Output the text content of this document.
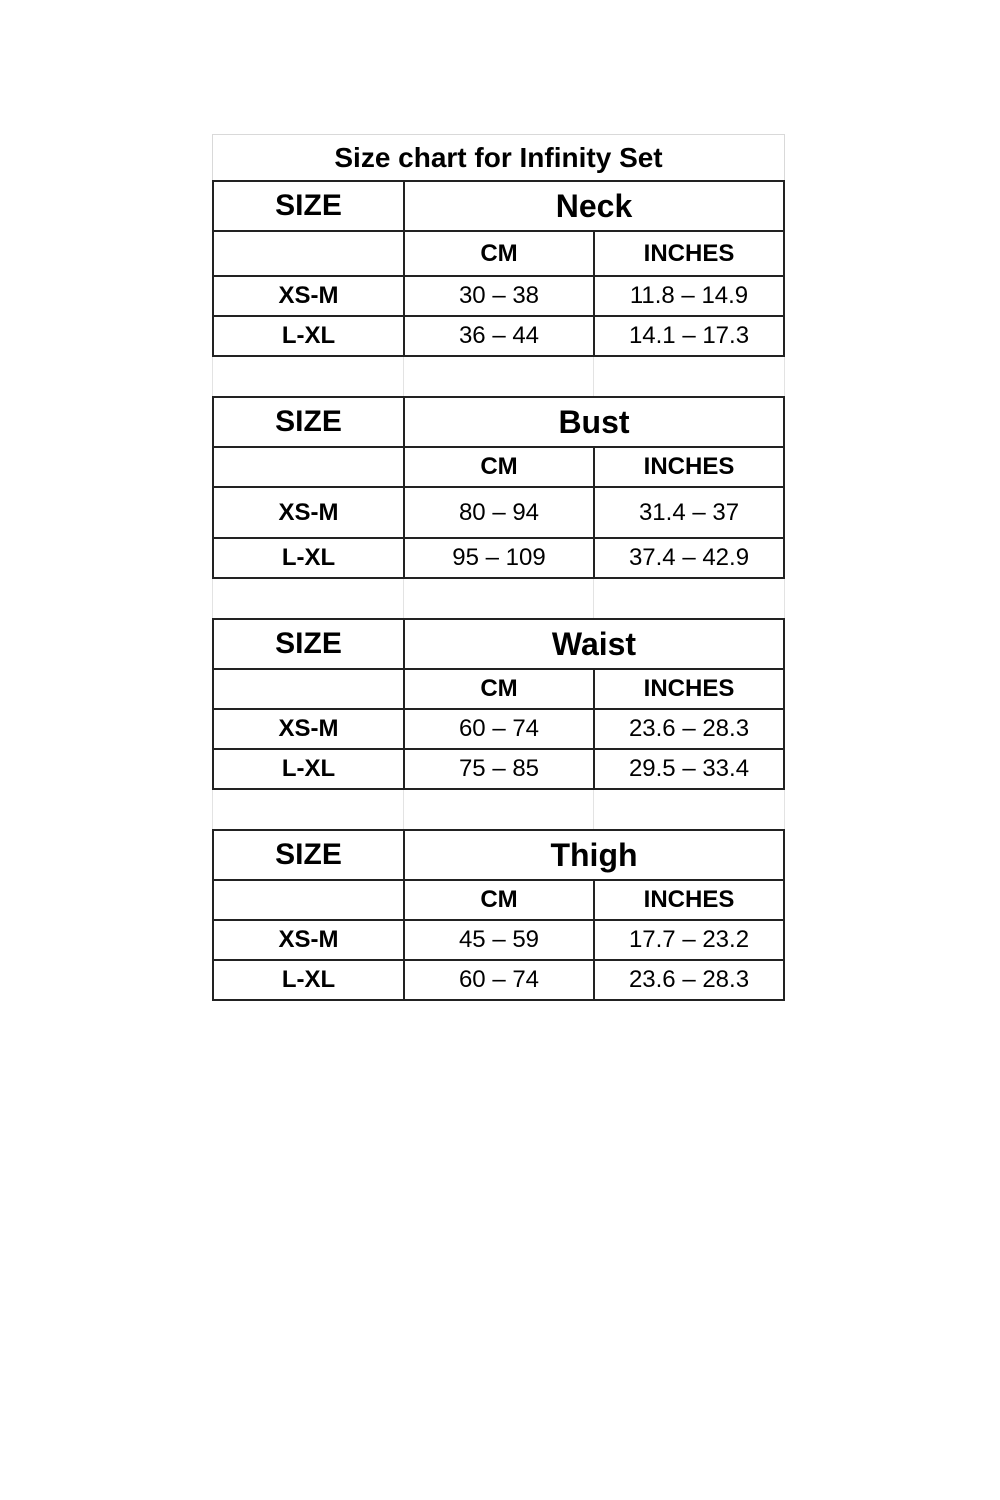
Size chart for Infinity Set
SIZE	Neck	
	CM	INCHES
XS-M	30 – 38	11.8 – 14.9
L-XL	36 – 44	14.1 – 17.3
SIZE	Bust	
	CM	INCHES
XS-M	80 – 94	31.4 – 37
L-XL	95 – 109	37.4 – 42.9
SIZE	Waist	
	CM	INCHES
XS-M	60 – 74	23.6 – 28.3
L-XL	75 – 85	29.5 – 33.4
SIZE	Thigh	
	CM	INCHES
XS-M	45 – 59	17.7 – 23.2
L-XL	60 – 74	23.6 – 28.3
